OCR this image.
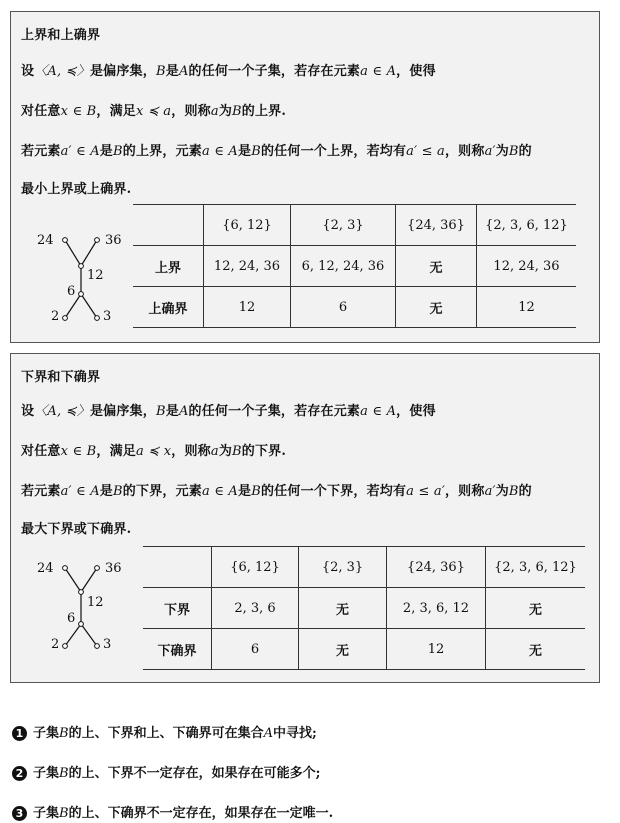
上界和上确界
设〈A, ≼〉是偏序集，B是A的任何一个子集，若存在元素a ∈ A，使得
对任意x ∈ B，满足x ≼ a，则称a为B的上界.
若元素a′ ∈ A是B的上界，元素a ∈ A是B的任何一个上界，若均有a′ ≤ a，则称a′为B的
最小上界或上确界.
24	36
12
6
2	3
	{6, 12}	{2, 3}	{24, 36}	{2, 3, 6, 12}
上界	12, 24, 36	6, 12, 24, 36	无	12, 24, 36
上确界	12	6	无	12
下界和下确界
设〈A, ≼〉是偏序集，B是A的任何一个子集，若存在元素a ∈ A，使得
对任意x ∈ B，满足a ≼ x，则称a为B的下界.
若元素a′ ∈ A是B的下界，元素a ∈ A是B的任何一个下界，若均有a ≤ a′，则称a′为B的
最大下界或下确界.
24	36
12
6
2	3
	{6, 12}	{2, 3}	{24, 36}	{2, 3, 6, 12}
下界	2, 3, 6	无	2, 3, 6, 12	无
下确界	6	无	12	无
1 子集B的上、下界和上、下确界可在集合A中寻找;
2 子集B的上、下界不一定存在，如果存在可能多个;
3 子集B的上、下确界不一定存在，如果存在一定唯一.
